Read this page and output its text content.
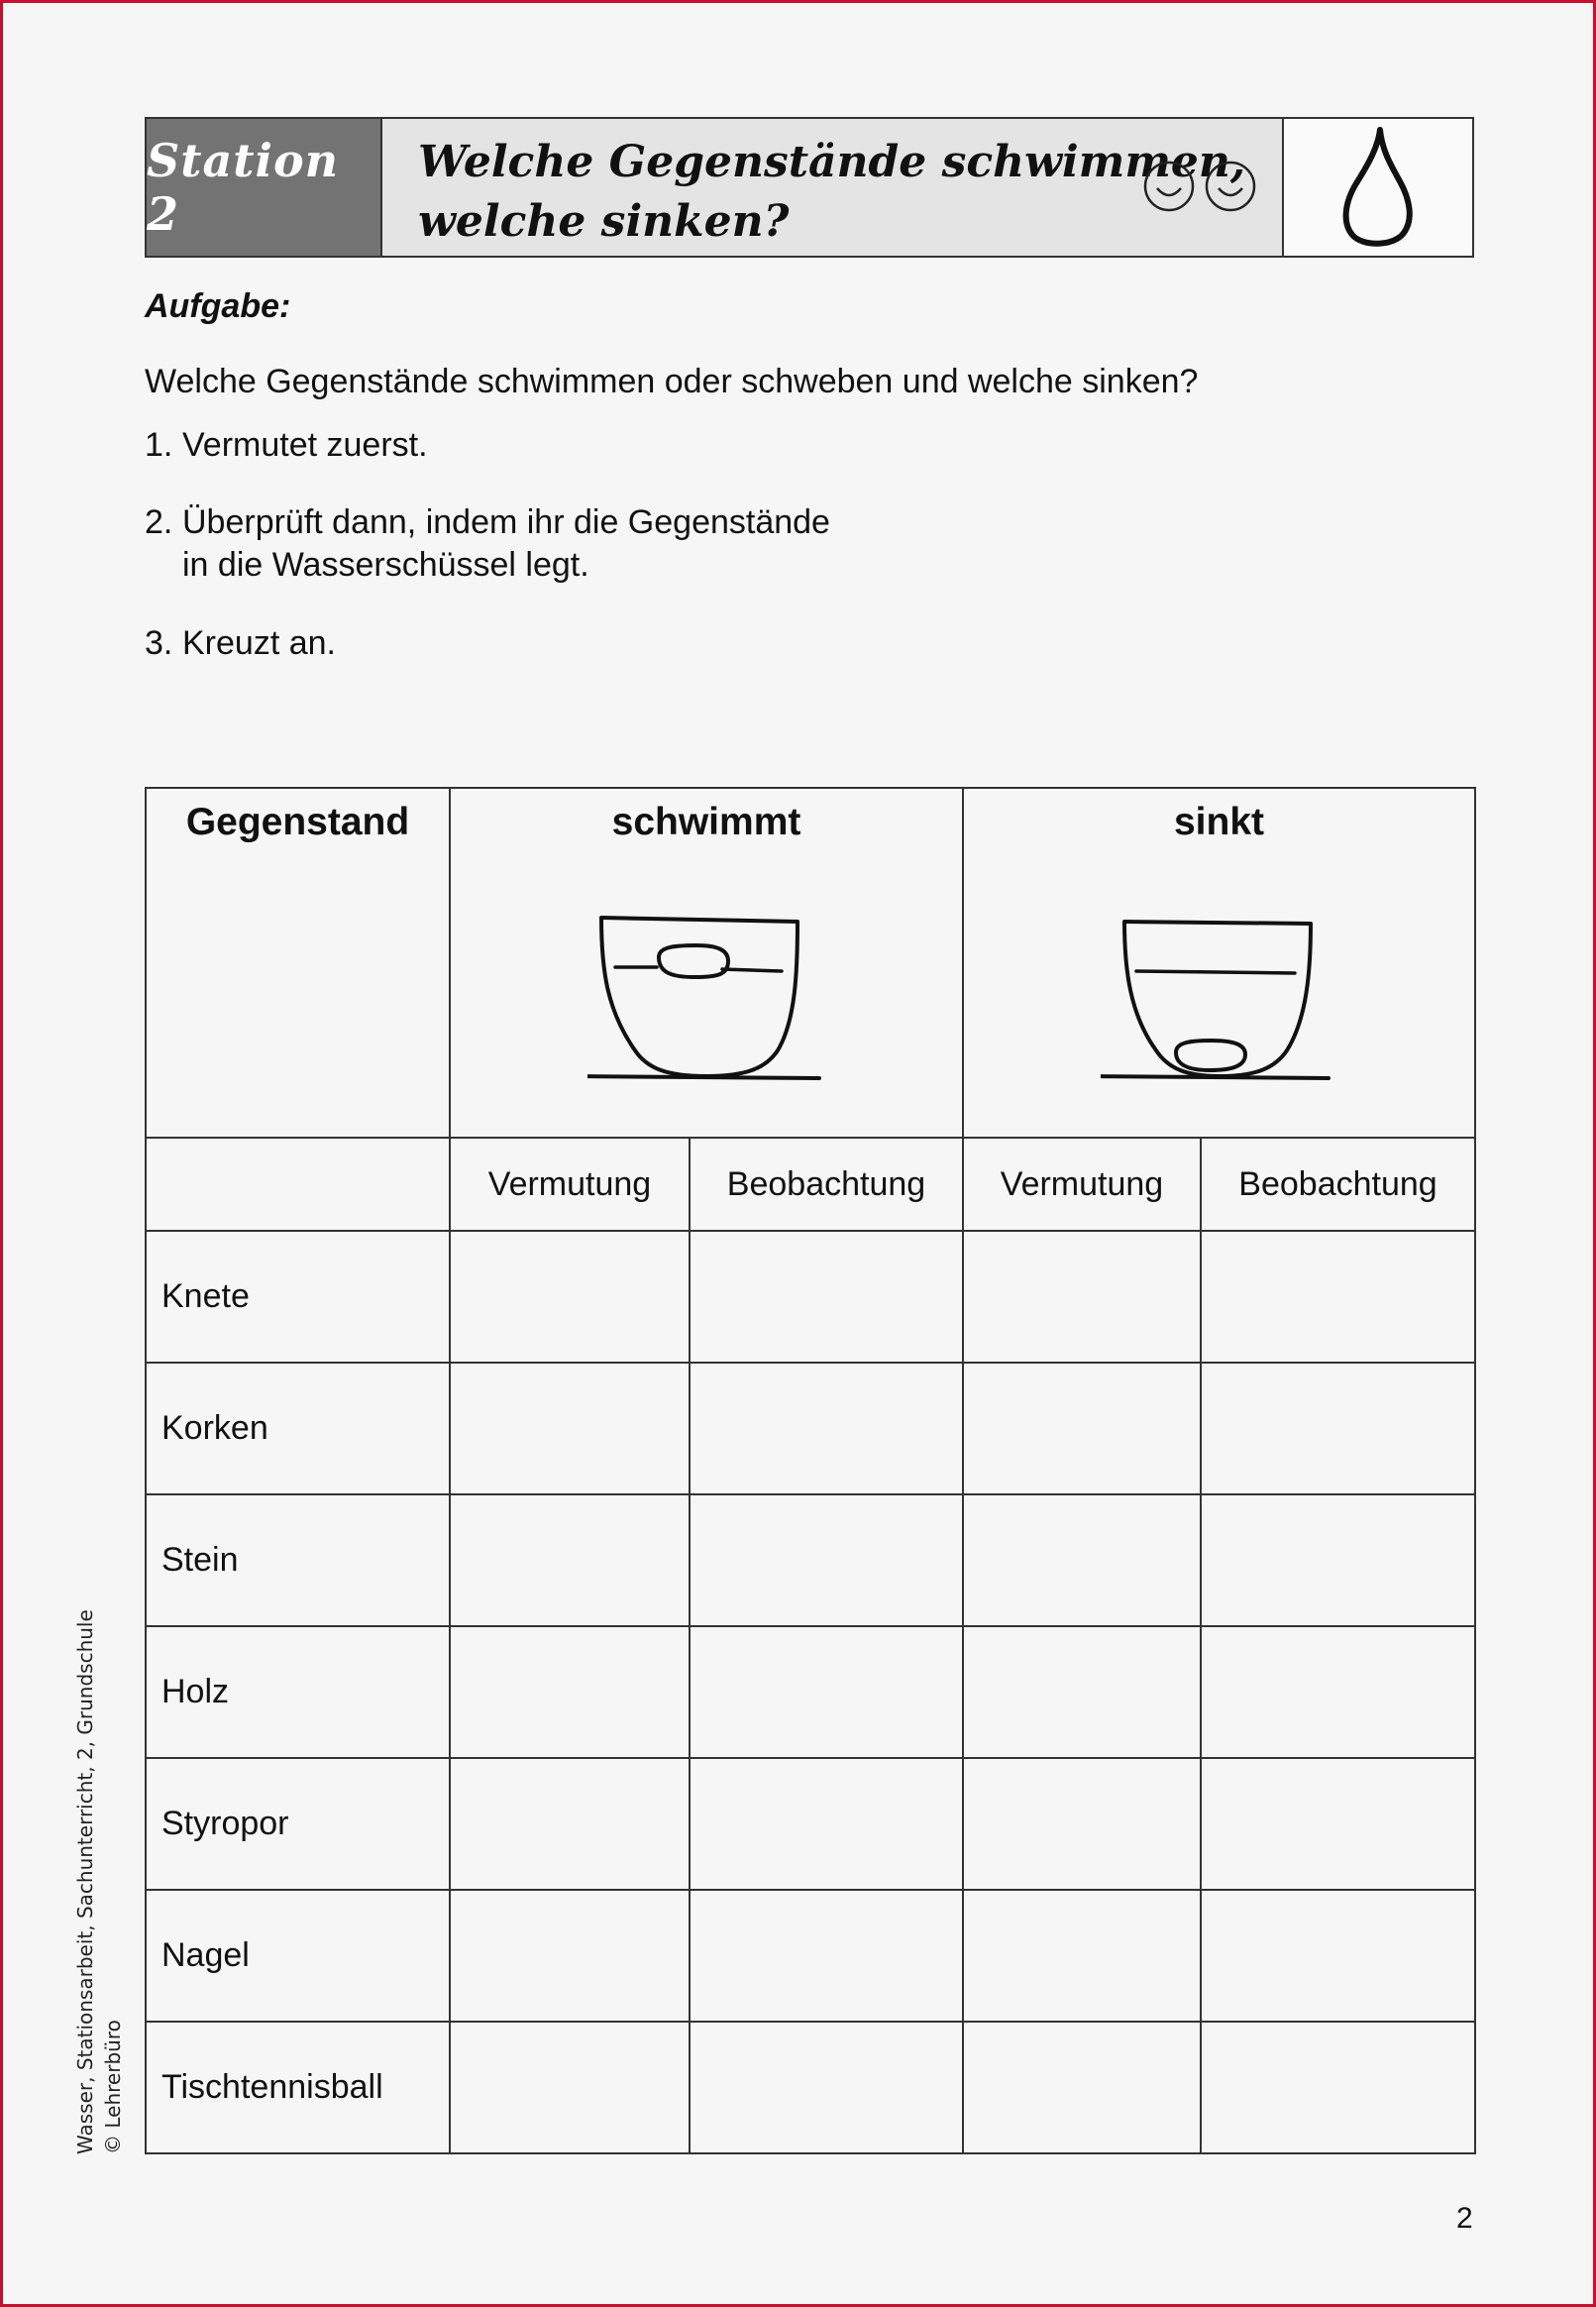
Station 2
Welche Gegenstände schwimmen,
welche sinken?
Aufgabe:
Welche Gegenstände schwimmen oder schweben und welche sinken?
1. Vermutet zuerst.
2. Überprüft dann, indem ihr die Gegenstände
in die Wasserschüssel legt.
3. Kreuzt an.
Gegenstand	schwimmt		sinkt	

	Vermutung	Beobachtung	Vermutung	Beobachtung
Knete				
Korken				
Stein				
Holz				
Styropor				
Nagel				
Tischtennisball				
Wasser, Stationsarbeit, Sachunterricht, 2, Grundschule © Lehrerbüro
2
